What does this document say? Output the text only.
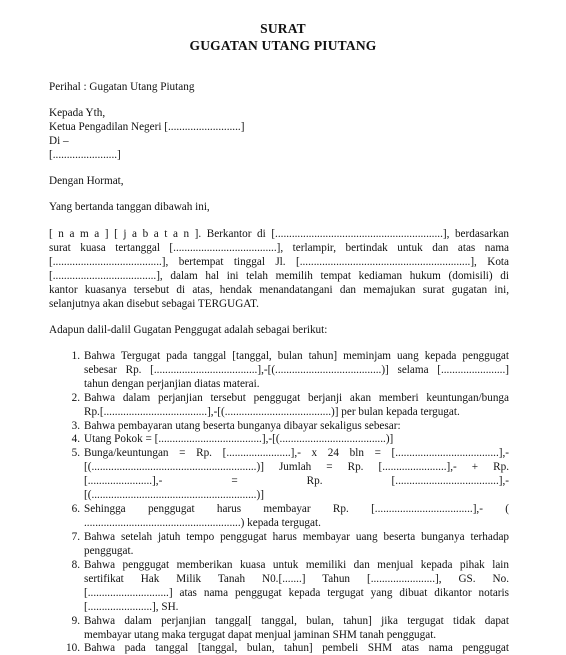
SURAT
GUGATAN UTANG PIUTANG
Perihal : Gugatan Utang Piutang
Kepada Yth,
Ketua Pengadilan Negeri [..........................]
Di –
[.......................]
Dengan Hormat,
Yang bertanda tanggan dibawah ini,
[ n a m a ] [ j a b a t a n ]. Berkantor di [............................................................], berdasarkan
surat kuasa tertanggal [.....................................], terlampir, bertindak untuk dan atas nama
[.......................................], bertempat tinggal Jl. [.............................................................], Kota
[.....................................], dalam hal ini telah memilih tempat kediaman hukum (domisili) di
kantor kuasanya tersebut di atas, hendak menandatangani dan memajukan surat gugatan ini,
selanjutnya akan disebut sebagai TERGUGAT.
Adapun dalil-dalil Gugatan Penggugat adalah sebagai berikut:
1. Bahwa Tergugat pada tanggal [tanggal, bulan tahun] meminjam uang kepada penggugat
sebesar Rp. [.....................................],-[(......................................)] selama [.......................]
tahun dengan perjanjian diatas materai.
2. Bahwa dalam perjanjian tersebut penggugat berjanji akan memberi keuntungan/bunga
Rp.[.....................................],-[(......................................)] per bulan kepada tergugat.
3. Bahwa pembayaran utang beserta bunganya dibayar sekaligus sebesar:
4. Utang Pokok = [.....................................],-[(......................................)]
5. Bunga/keuntungan = Rp. [.......................],- x 24 bln = [.....................................],-
[(...........................................................)] Jumlah = Rp. [.......................],- + Rp.
[.......................],- = Rp. [.....................................],-
[(...........................................................)]
6. Sehingga penggugat harus membayar Rp. [...................................],- (
........................................................) kepada tergugat.
7. Bahwa setelah jatuh tempo penggugat harus membayar uang beserta bunganya terhadap
penggugat.
8. Bahwa penggugat memberikan kuasa untuk memiliki dan menjual kepada pihak lain
sertifikat Hak Milik Tanah N0.[.......] Tahun [.......................], GS. No.
[.............................] atas nama penggugat kepada tergugat yang dibuat dikantor notaris
[.......................], SH.
9. Bahwa dalam perjanjian tanggal[ tanggal, bulan, tahun] jika tergugat tidak dapat
membayar utang maka tergugat dapat menjual jaminan SHM tanah penggugat.
10. Bahwa pada tanggal [tanggal, bulan, tahun] pembeli SHM atas nama penggugat
